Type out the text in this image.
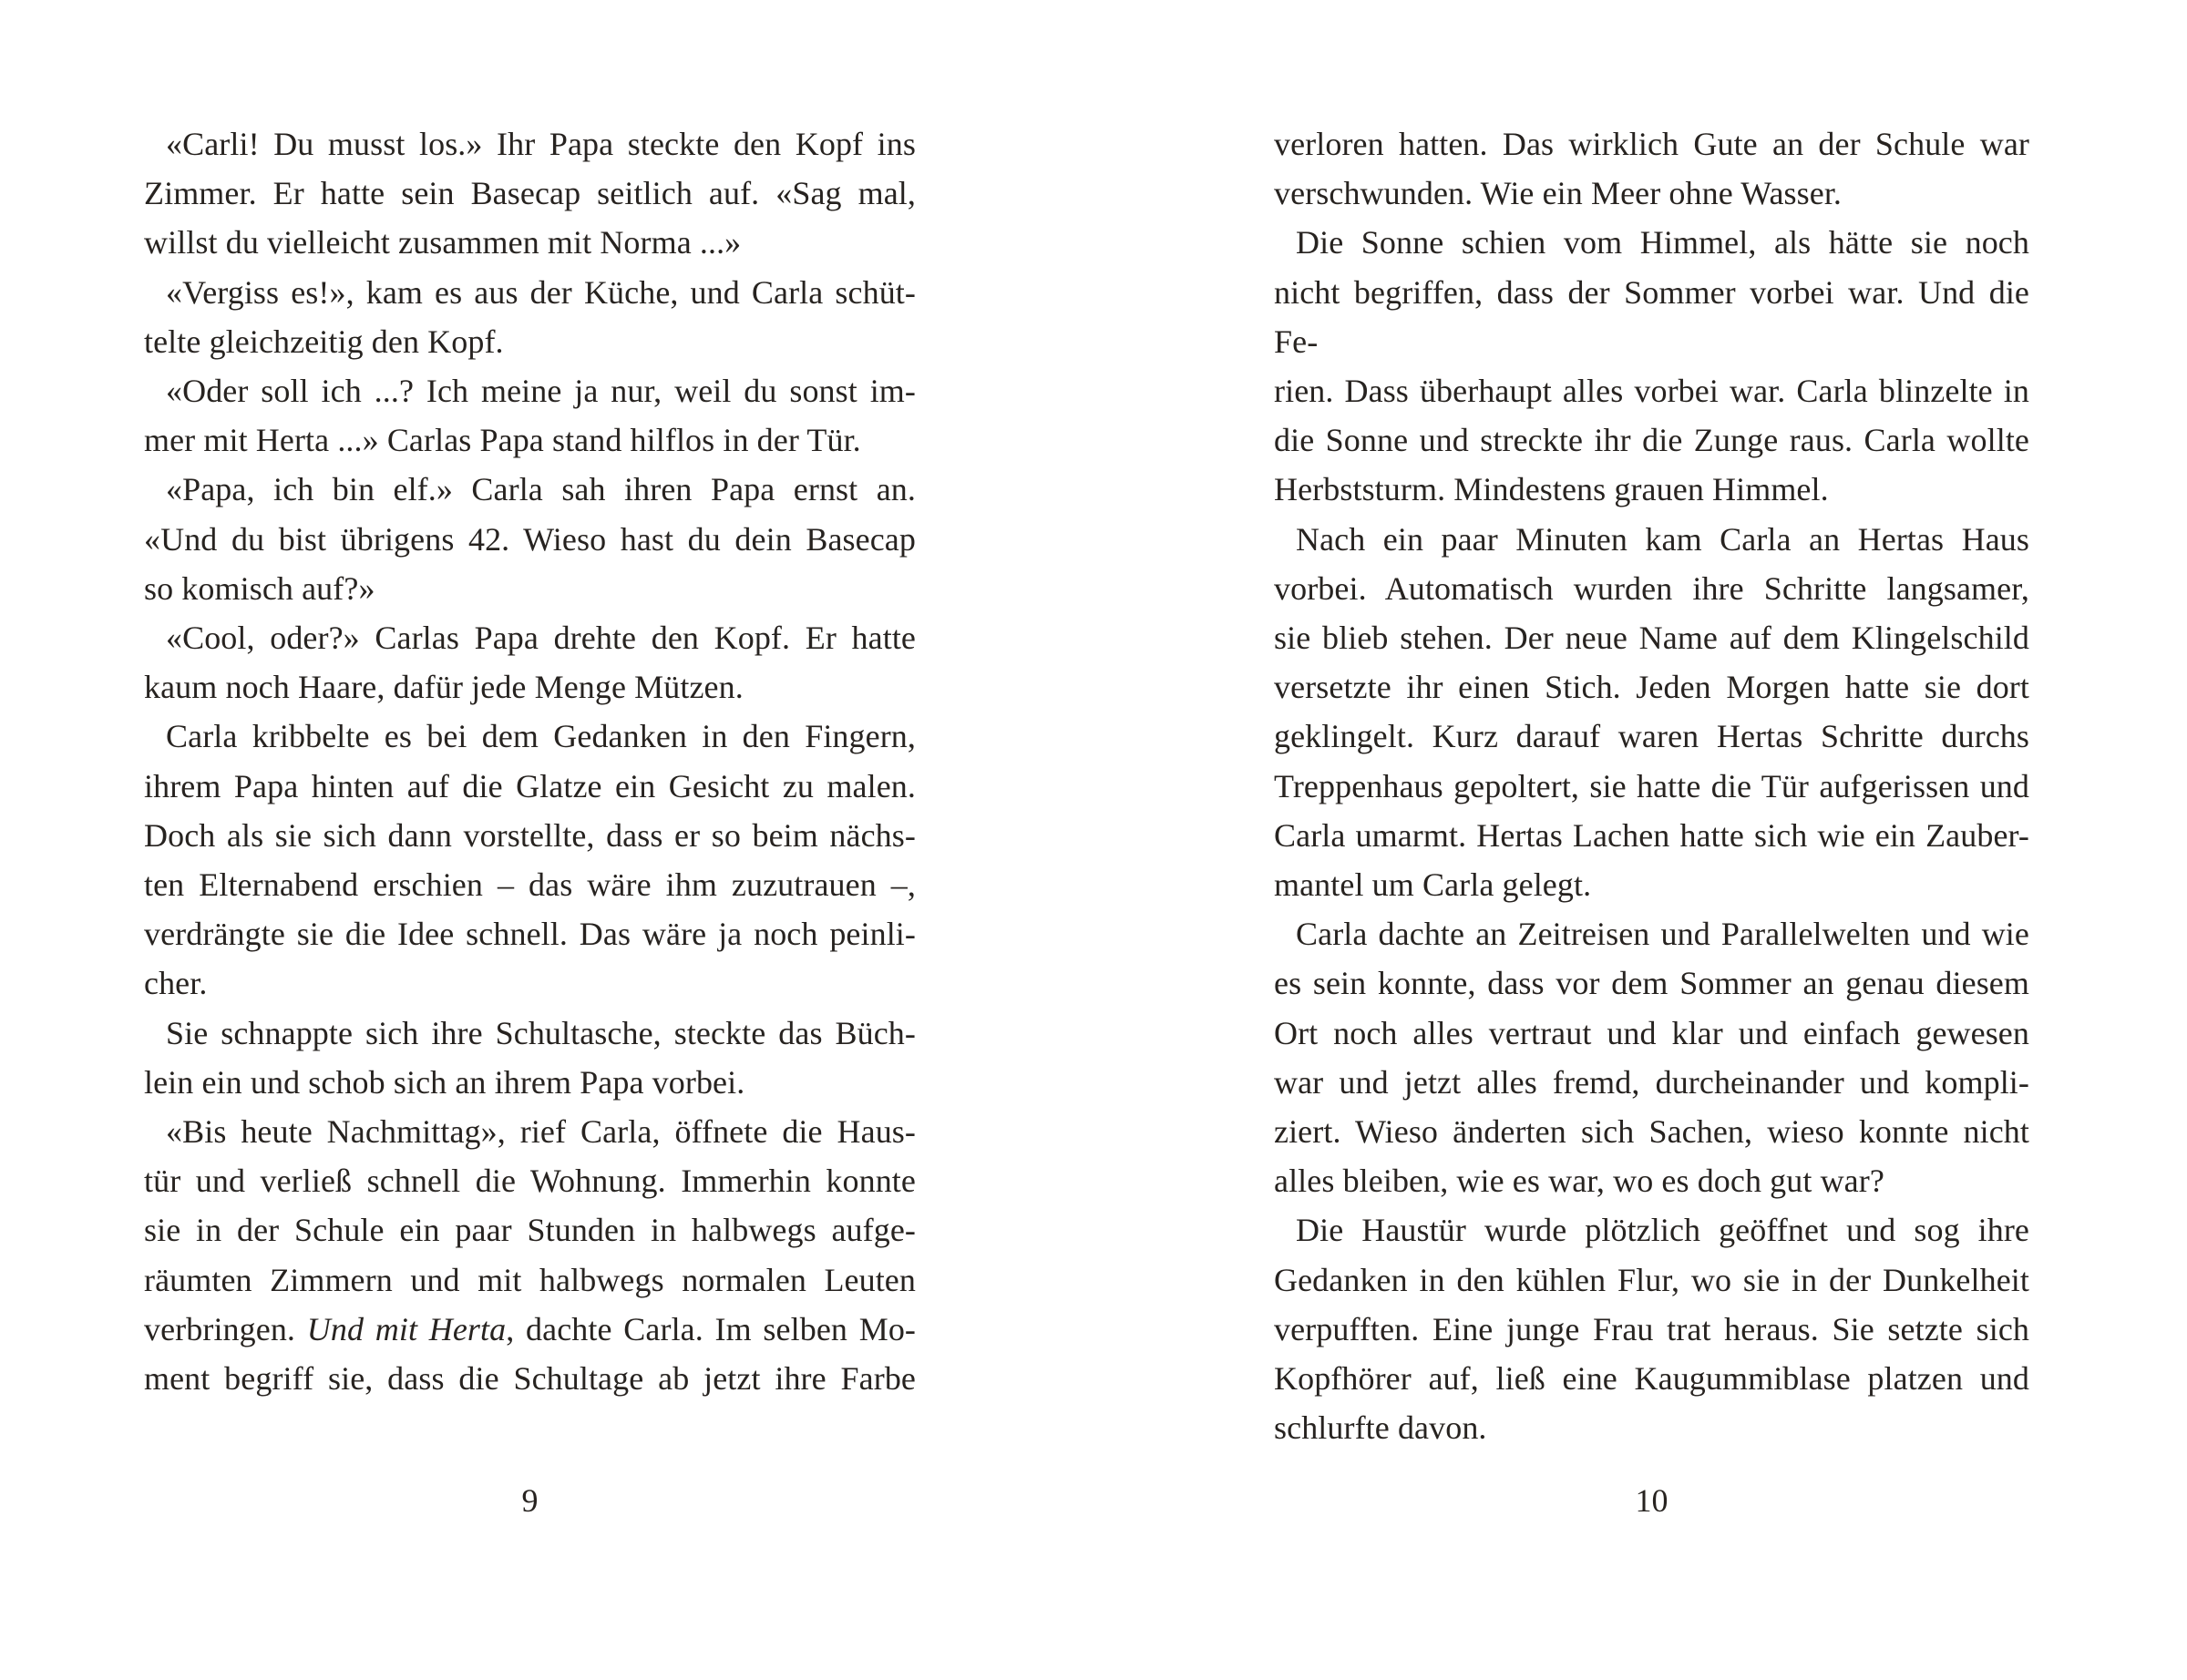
«Carli! Du musst los.» Ihr Papa steckte den Kopf ins
Zimmer. Er hatte sein Basecap seitlich auf. «Sag mal,
willst du vielleicht zusammen mit Norma ...»
«Vergiss es!», kam es aus der Küche, und Carla schüt-
telte gleichzeitig den Kopf.
«Oder soll ich ...? Ich meine ja nur, weil du sonst im-
mer mit Herta ...» Carlas Papa stand hilflos in der Tür.
«Papa, ich bin elf.» Carla sah ihren Papa ernst an.
«Und du bist übrigens 42. Wieso hast du dein Basecap
so komisch auf?»
«Cool, oder?» Carlas Papa drehte den Kopf. Er hatte
kaum noch Haare, dafür jede Menge Mützen.
Carla kribbelte es bei dem Gedanken in den Fingern,
ihrem Papa hinten auf die Glatze ein Gesicht zu malen.
Doch als sie sich dann vorstellte, dass er so beim nächs-
ten Elternabend erschien – das wäre ihm zuzutrauen –,
verdrängte sie die Idee schnell. Das wäre ja noch peinli-
cher.
Sie schnappte sich ihre Schultasche, steckte das Büch-
lein ein und schob sich an ihrem Papa vorbei.
«Bis heute Nachmittag», rief Carla, öffnete die Haus-
tür und verließ schnell die Wohnung. Immerhin konnte
sie in der Schule ein paar Stunden in halbwegs aufge-
räumten Zimmern und mit halbwegs normalen Leuten
verbringen. Und mit Herta, dachte Carla. Im selben Mo-
ment begriff sie, dass die Schultage ab jetzt ihre Farbe
9
verloren hatten. Das wirklich Gute an der Schule war
verschwunden. Wie ein Meer ohne Wasser.
Die Sonne schien vom Himmel, als hätte sie noch
nicht begriffen, dass der Sommer vorbei war. Und die Fe-
rien. Dass überhaupt alles vorbei war. Carla blinzelte in
die Sonne und streckte ihr die Zunge raus. Carla wollte
Herbststurm. Mindestens grauen Himmel.
Nach ein paar Minuten kam Carla an Hertas Haus
vorbei. Automatisch wurden ihre Schritte langsamer,
sie blieb stehen. Der neue Name auf dem Klingelschild
versetzte ihr einen Stich. Jeden Morgen hatte sie dort
geklingelt. Kurz darauf waren Hertas Schritte durchs
Treppenhaus gepoltert, sie hatte die Tür aufgerissen und
Carla umarmt. Hertas Lachen hatte sich wie ein Zauber-
mantel um Carla gelegt.
Carla dachte an Zeitreisen und Parallelwelten und wie
es sein konnte, dass vor dem Sommer an genau diesem
Ort noch alles vertraut und klar und einfach gewesen
war und jetzt alles fremd, durcheinander und kompli-
ziert. Wieso änderten sich Sachen, wieso konnte nicht
alles bleiben, wie es war, wo es doch gut war?
Die Haustür wurde plötzlich geöffnet und sog ihre
Gedanken in den kühlen Flur, wo sie in der Dunkelheit
verpufften. Eine junge Frau trat heraus. Sie setzte sich
Kopfhörer auf, ließ eine Kaugummiblase platzen und
schlurfte davon.
10
